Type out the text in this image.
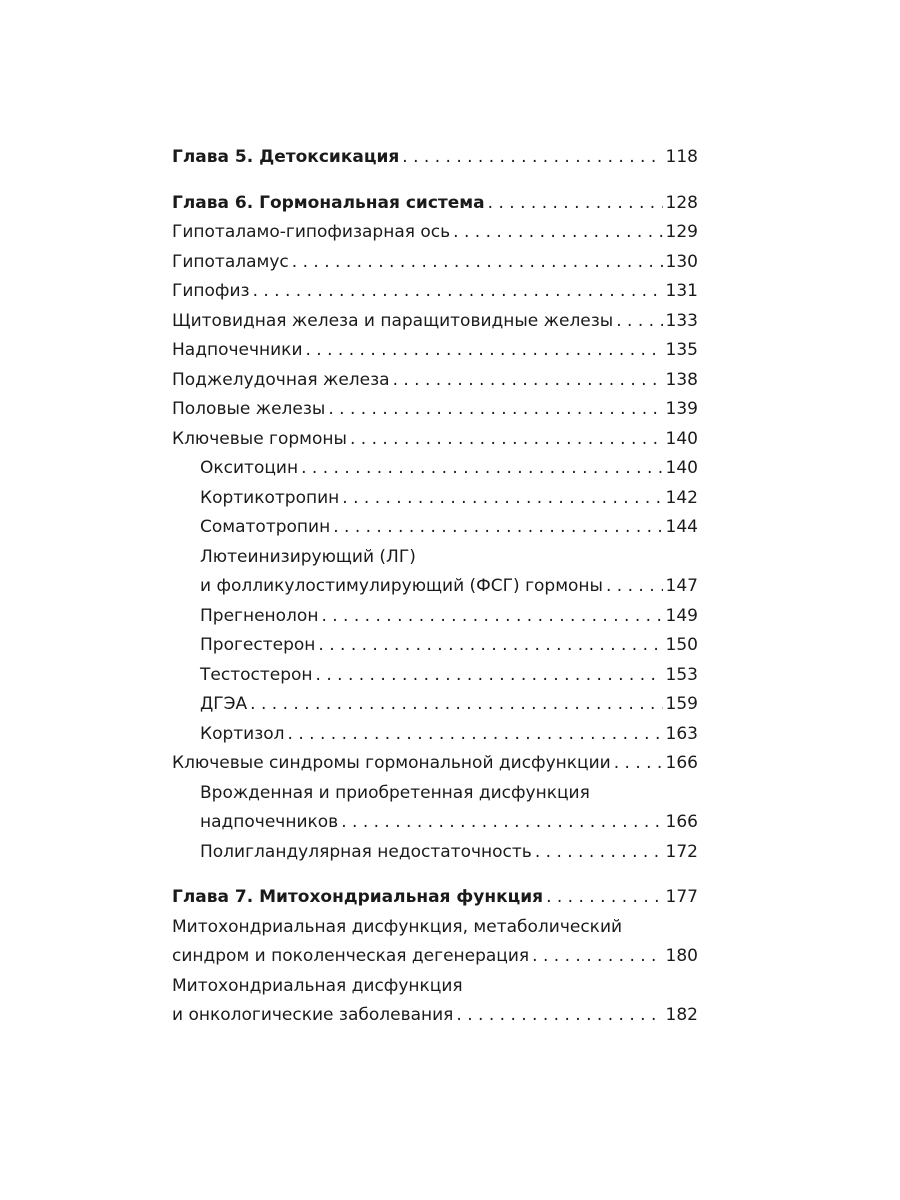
Глава 5. Детоксикация . . .	118
Глава 6. Гормональная система . . .	128
Гипоталамо-гипофизарная ось . . .	129
Гипоталамус . . .	130
Гипофиз . . .	131
Щитовидная железа и паращитовидные железы . . .	133
Надпочечники . . .	135
Поджелудочная железа . . .	138
Половые железы . . .	139
Ключевые гормоны . . .	140
Окситоцин . . .	140
Кортикотропин . . .	142
Соматотропин . . .	144
Лютеинизирующий (ЛГ)
и фолликулостимулирующий (ФСГ) гормоны . . .	147
Прегненолон . . .	149
Прогестерон . . .	150
Тестостерон . . .	153
ДГЭА . . .	159
Кортизол . . .	163
Ключевые синдромы гормональной дисфункции . . .	166
Врожденная и приобретенная дисфункция
надпочечников . . .	166
Полигландулярная недостаточность . . .	172
Глава 7. Митохондриальная функция . . .	177
Митохондриальная дисфункция, метаболический
синдром и поколенческая дегенерация . . .	180
Митохондриальная дисфункция
и онкологические заболевания . . .	182
